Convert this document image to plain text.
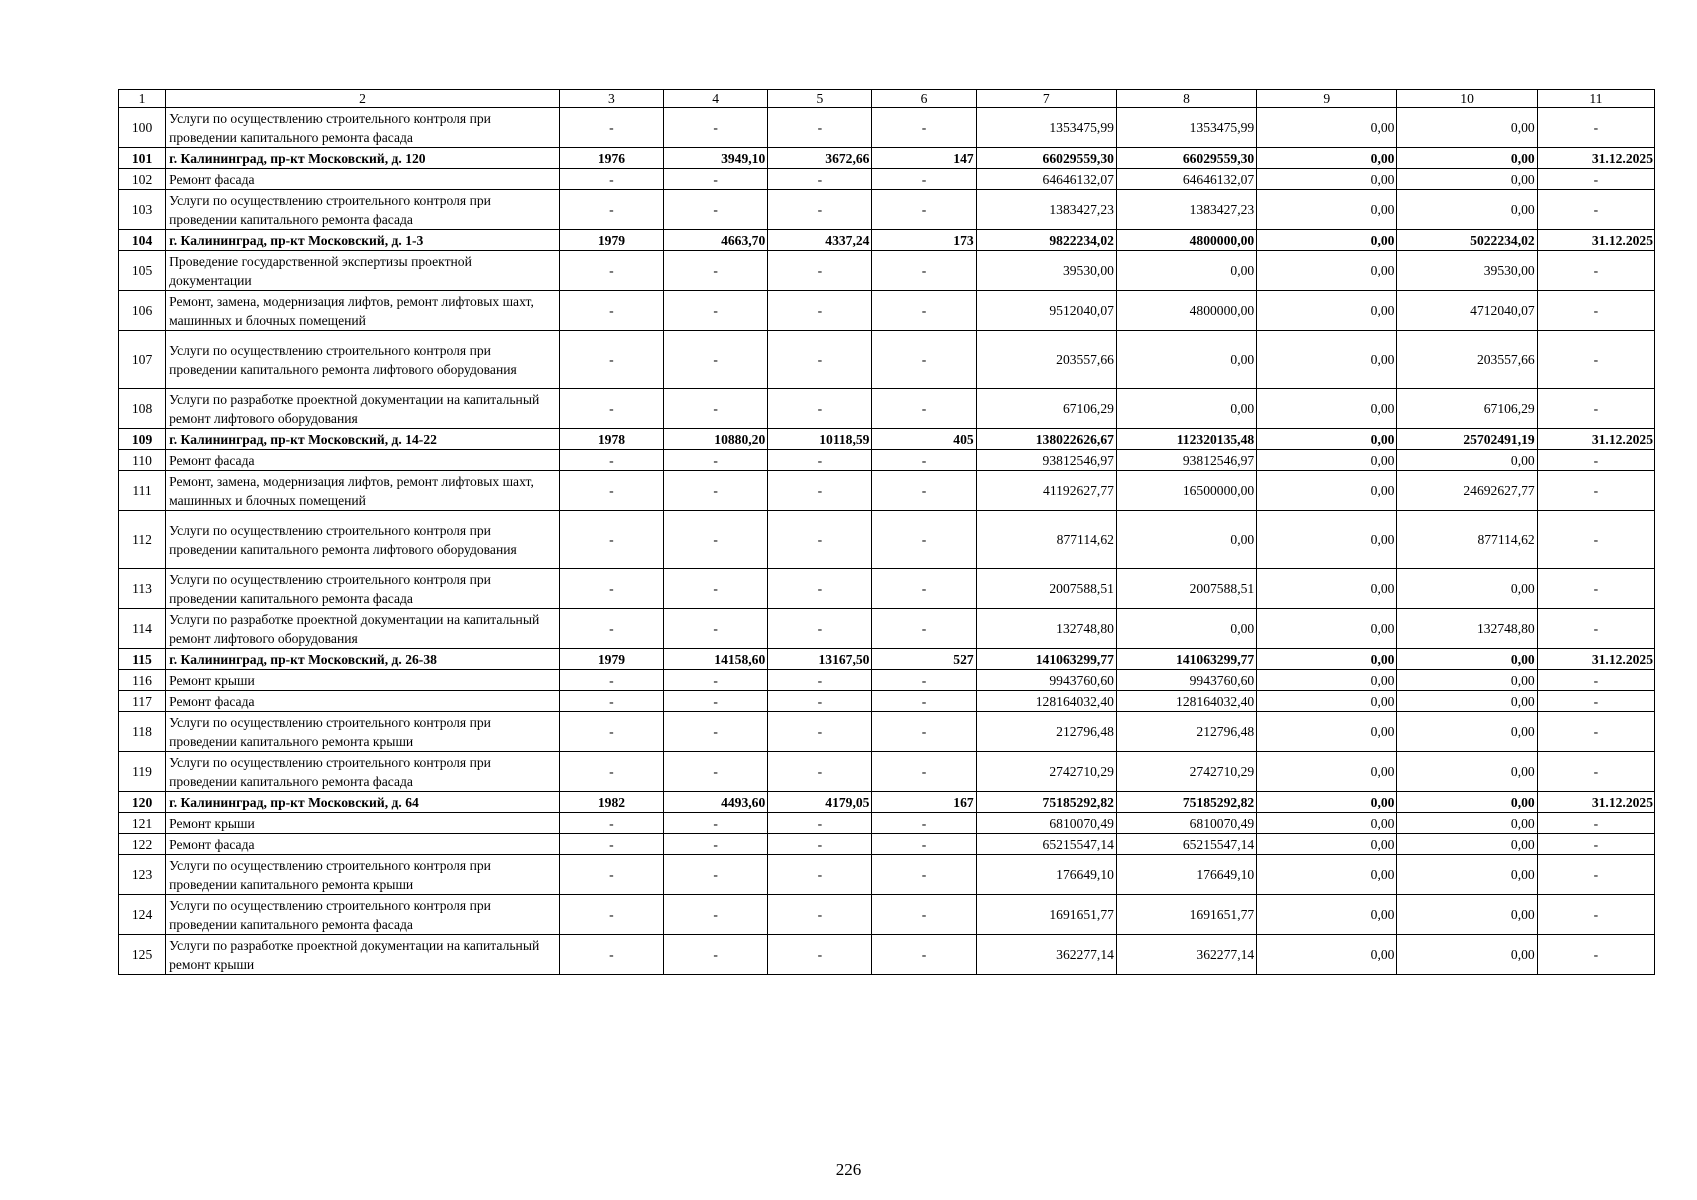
1	2	3	4	5	6	7	8	9	10	11
100	Услуги по осуществлению строительного контроля при проведении капитального ремонта фасада	-	-	-	-	1353475,99	1353475,99	0,00	0,00	-
101	г. Калининград, пр-кт Московский, д. 120	1976	3949,10	3672,66	147	66029559,30	66029559,30	0,00	0,00	31.12.2025
102	Ремонт фасада	-	-	-	-	64646132,07	64646132,07	0,00	0,00	-
103	Услуги по осуществлению строительного контроля при проведении капитального ремонта фасада	-	-	-	-	1383427,23	1383427,23	0,00	0,00	-
104	г. Калининград, пр-кт Московский, д. 1-3	1979	4663,70	4337,24	173	9822234,02	4800000,00	0,00	5022234,02	31.12.2025
105	Проведение государственной экспертизы проектной документации	-	-	-	-	39530,00	0,00	0,00	39530,00	-
106	Ремонт, замена, модернизация лифтов, ремонт лифтовых шахт, машинных и блочных помещений	-	-	-	-	9512040,07	4800000,00	0,00	4712040,07	-
107	Услуги по осуществлению строительного контроля при проведении капитального ремонта лифтового оборудования	-	-	-	-	203557,66	0,00	0,00	203557,66	-
108	Услуги по разработке проектной документации на капитальный ремонт лифтового оборудования	-	-	-	-	67106,29	0,00	0,00	67106,29	-
109	г. Калининград, пр-кт Московский, д. 14-22	1978	10880,20	10118,59	405	138022626,67	112320135,48	0,00	25702491,19	31.12.2025
110	Ремонт фасада	-	-	-	-	93812546,97	93812546,97	0,00	0,00	-
111	Ремонт, замена, модернизация лифтов, ремонт лифтовых шахт, машинных и блочных помещений	-	-	-	-	41192627,77	16500000,00	0,00	24692627,77	-
112	Услуги по осуществлению строительного контроля при проведении капитального ремонта лифтового оборудования	-	-	-	-	877114,62	0,00	0,00	877114,62	-
113	Услуги по осуществлению строительного контроля при проведении капитального ремонта фасада	-	-	-	-	2007588,51	2007588,51	0,00	0,00	-
114	Услуги по разработке проектной документации на капитальный ремонт лифтового оборудования	-	-	-	-	132748,80	0,00	0,00	132748,80	-
115	г. Калининград, пр-кт Московский, д. 26-38	1979	14158,60	13167,50	527	141063299,77	141063299,77	0,00	0,00	31.12.2025
116	Ремонт крыши	-	-	-	-	9943760,60	9943760,60	0,00	0,00	-
117	Ремонт фасада	-	-	-	-	128164032,40	128164032,40	0,00	0,00	-
118	Услуги по осуществлению строительного контроля при проведении капитального ремонта крыши	-	-	-	-	212796,48	212796,48	0,00	0,00	-
119	Услуги по осуществлению строительного контроля при проведении капитального ремонта фасада	-	-	-	-	2742710,29	2742710,29	0,00	0,00	-
120	г. Калининград, пр-кт Московский, д. 64	1982	4493,60	4179,05	167	75185292,82	75185292,82	0,00	0,00	31.12.2025
121	Ремонт крыши	-	-	-	-	6810070,49	6810070,49	0,00	0,00	-
122	Ремонт фасада	-	-	-	-	65215547,14	65215547,14	0,00	0,00	-
123	Услуги по осуществлению строительного контроля при проведении капитального ремонта крыши	-	-	-	-	176649,10	176649,10	0,00	0,00	-
124	Услуги по осуществлению строительного контроля при проведении капитального ремонта фасада	-	-	-	-	1691651,77	1691651,77	0,00	0,00	-
125	Услуги по разработке проектной документации на капитальный ремонт крыши	-	-	-	-	362277,14	362277,14	0,00	0,00	-
226
